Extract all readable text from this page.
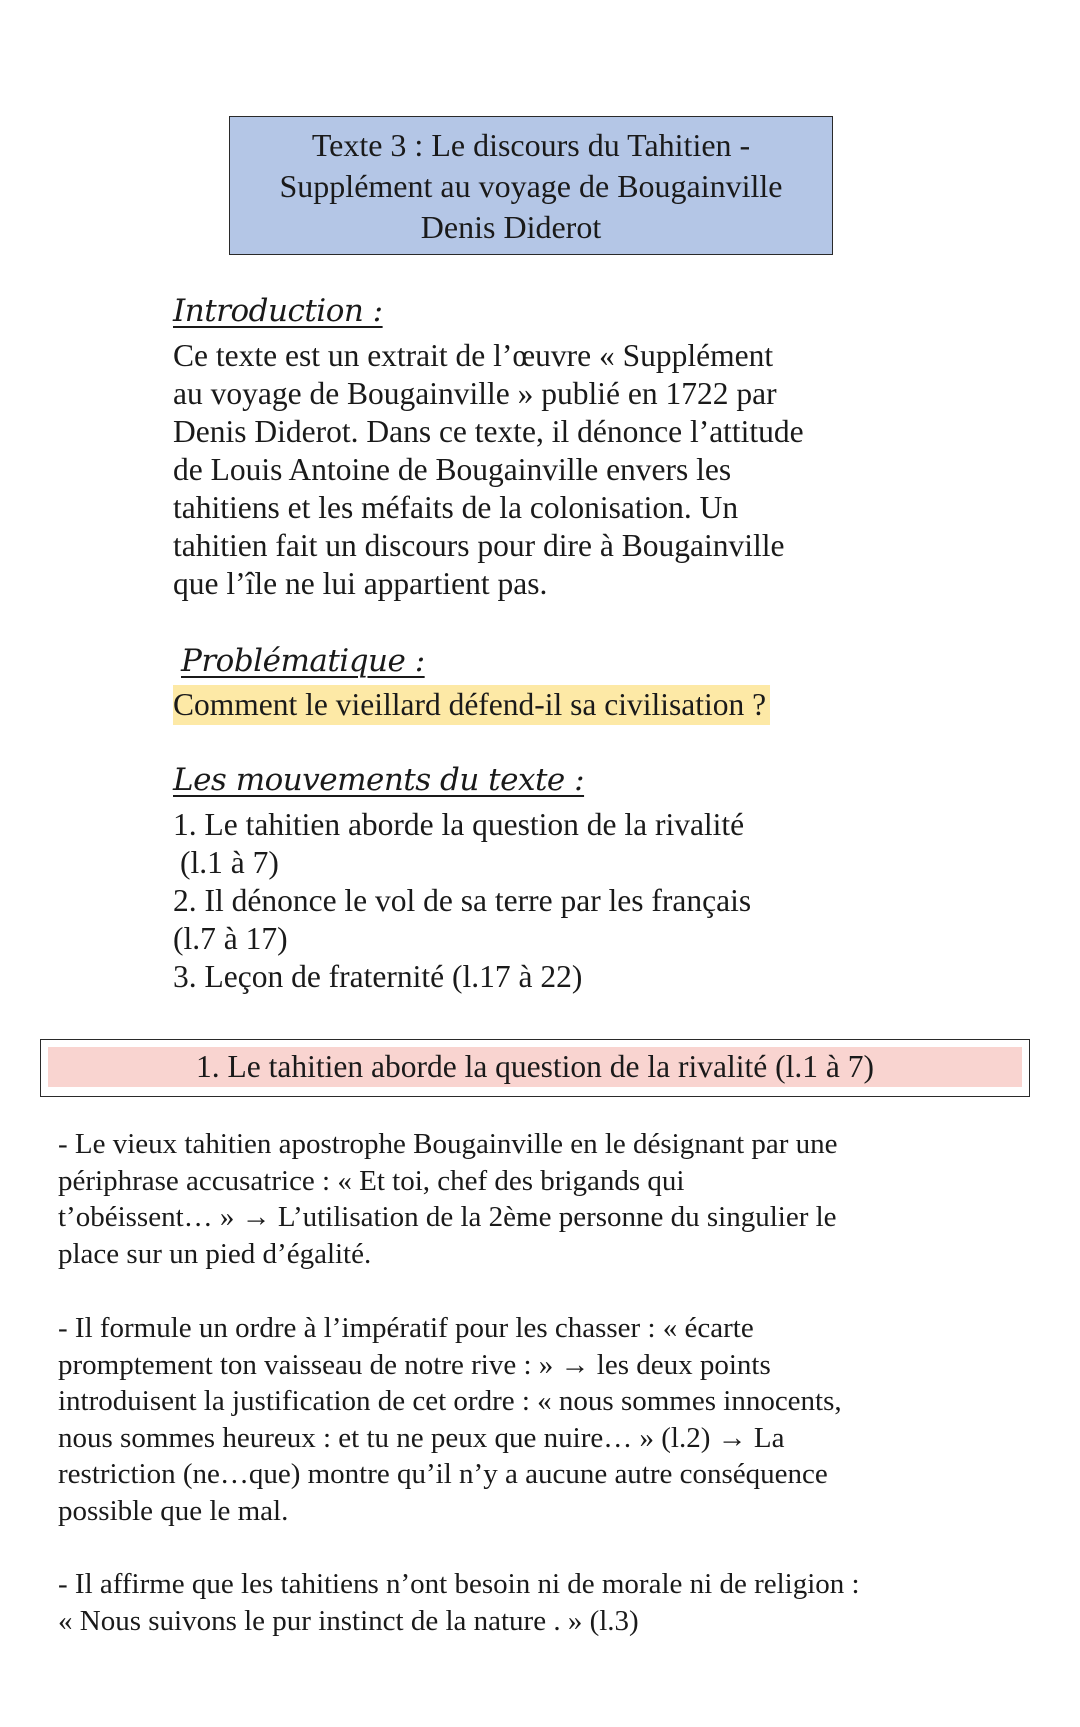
Texte 3 : Le discours du Tahitien -
Supplément au voyage de Bougainville
Denis Diderot
Introduction :
Ce texte est un extrait de l’œuvre « Supplément
au voyage de Bougainville » publié en 1722 par
Denis Diderot. Dans ce texte, il dénonce l’attitude
de Louis Antoine de Bougainville envers les
tahitiens et les méfaits de la colonisation. Un
tahitien fait un discours pour dire à Bougainville
que l’île ne lui appartient pas.
Problématique :
Comment le vieillard défend-il sa civilisation ?
Les mouvements du texte :
1. Le tahitien aborde la question de la rivalité
(l.1 à 7)
2. Il dénonce le vol de sa terre par les français
(l.7 à 17)
3. Leçon de fraternité (l.17 à 22)
1. Le tahitien aborde la question de la rivalité (l.1 à 7)
- Le vieux tahitien apostrophe Bougainville en le désignant par une
périphrase accusatrice : « Et toi, chef des brigands qui
t’obéissent… » → L’utilisation de la 2ème personne du singulier le
place sur un pied d’égalité.
- Il formule un ordre à l’impératif pour les chasser : « écarte
promptement ton vaisseau de notre rive : » → les deux points
introduisent la justification de cet ordre : « nous sommes innocents,
nous sommes heureux : et tu ne peux que nuire… » (l.2) → La
restriction (ne…que) montre qu’il n’y a aucune autre conséquence
possible que le mal.
- Il affirme que les tahitiens n’ont besoin ni de morale ni de religion :
« Nous suivons le pur instinct de la nature . » (l.3)
